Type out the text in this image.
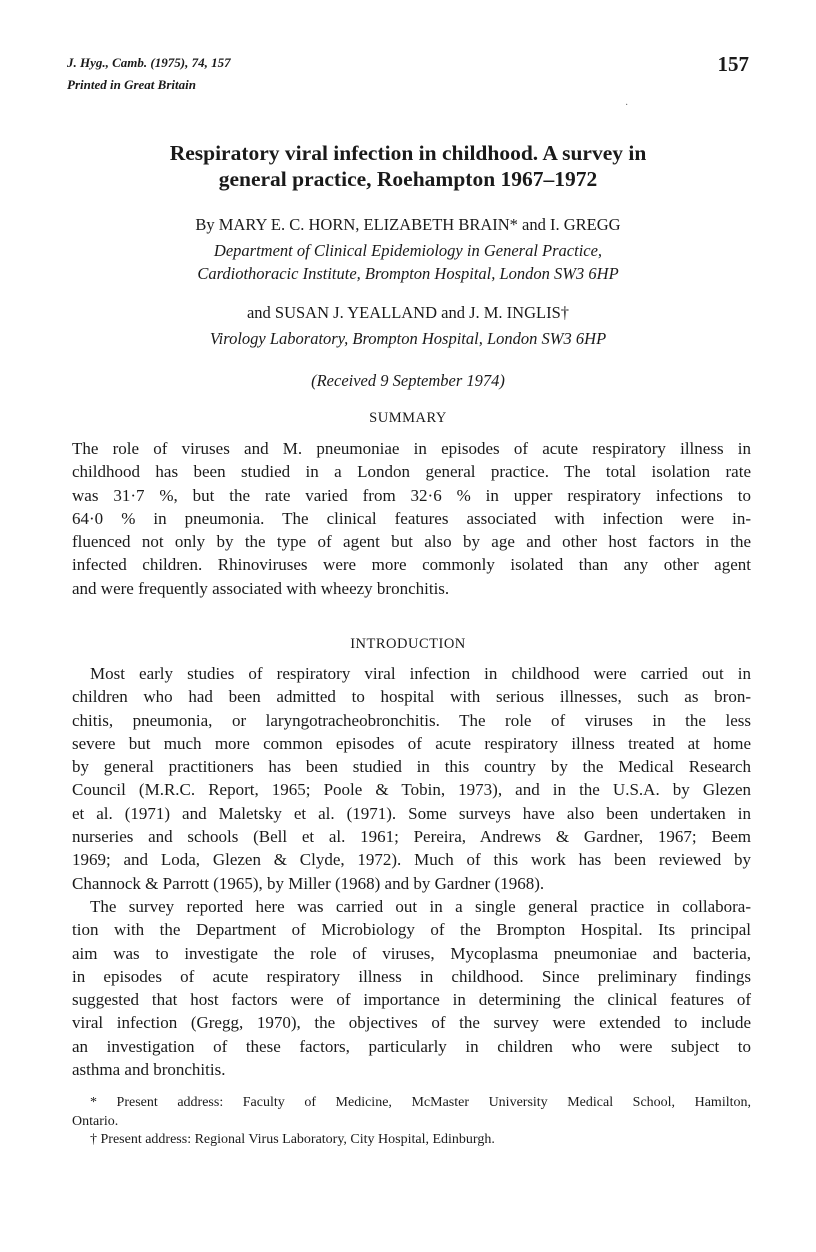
J. Hyg., Camb. (1975), 74, 157
Printed in Great Britain
157
·
Respiratory viral infection in childhood. A survey in
general practice, Roehampton 1967–1972
By MARY E. C. HORN, ELIZABETH BRAIN* and I. GREGG
Department of Clinical Epidemiology in General Practice,
Cardiothoracic Institute, Brompton Hospital, London SW3 6HP
and SUSAN J. YEALLAND and J. M. INGLIS†
Virology Laboratory, Brompton Hospital, London SW3 6HP
(Received 9 September 1974)
SUMMARY
The role of viruses and M. pneumoniae in episodes of acute respiratory illness in
childhood has been studied in a London general practice. The total isolation rate
was 31·7 %, but the rate varied from 32·6 % in upper respiratory infections to
64·0 % in pneumonia. The clinical features associated with infection were in-
fluenced not only by the type of agent but also by age and other host factors in the
infected children. Rhinoviruses were more commonly isolated than any other agent
and were frequently associated with wheezy bronchitis.
INTRODUCTION
Most early studies of respiratory viral infection in childhood were carried out in
children who had been admitted to hospital with serious illnesses, such as bron-
chitis, pneumonia, or laryngotracheobronchitis. The role of viruses in the less
severe but much more common episodes of acute respiratory illness treated at home
by general practitioners has been studied in this country by the Medical Research
Council (M.R.C. Report, 1965; Poole & Tobin, 1973), and in the U.S.A. by Glezen
et al. (1971) and Maletsky et al. (1971). Some surveys have also been undertaken in
nurseries and schools (Bell et al. 1961; Pereira, Andrews & Gardner, 1967; Beem
1969; and Loda, Glezen & Clyde, 1972). Much of this work has been reviewed by
Channock & Parrott (1965), by Miller (1968) and by Gardner (1968).
The survey reported here was carried out in a single general practice in collabora-
tion with the Department of Microbiology of the Brompton Hospital. Its principal
aim was to investigate the role of viruses, Mycoplasma pneumoniae and bacteria,
in episodes of acute respiratory illness in childhood. Since preliminary findings
suggested that host factors were of importance in determining the clinical features of
viral infection (Gregg, 1970), the objectives of the survey were extended to include
an investigation of these factors, particularly in children who were subject to
asthma and bronchitis.
* Present address: Faculty of Medicine, McMaster University Medical School, Hamilton,
Ontario.
† Present address: Regional Virus Laboratory, City Hospital, Edinburgh.
